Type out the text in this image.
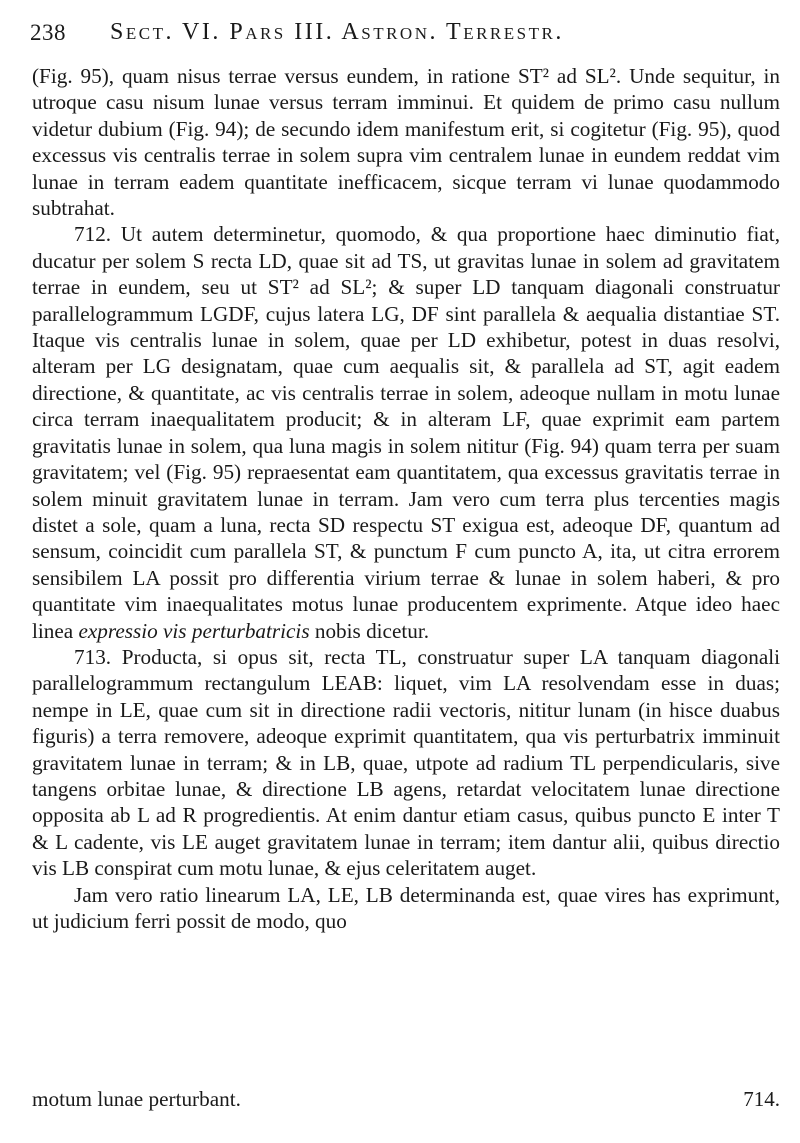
238 Sect. VI. Pars III. Astron. Terrestr.

(Fig. 95), quam nisus terrae versus eundem, in ratione ST² ad SL². Unde sequitur, in utroque casu nisum lunae versus terram imminui. Et quidem de primo casu nullum videtur dubium (Fig. 94); de secundo idem manifestum erit, si cogitetur (Fig. 95), quod excessus vis centralis terrae in solem supra vim centralem lunae in eundem reddat vim lunae in terram eadem quantitate inefficacem, sicque terram vi lunae quodammodo subtrahat.

712. Ut autem determinetur, quomodo, & qua proportione haec diminutio fiat, ducatur per solem S recta LD, quae sit ad TS, ut gravitas lunae in solem ad gravitatem terrae in eundem, seu ut ST² ad SL²; & super LD tanquam diagonali construatur parallelogrammum LGDF, cujus latera LG, DF sint parallela & aequalia distantiae ST. Itaque vis centralis lunae in solem, quae per LD exhibetur, potest in duas resolvi, alteram per LG designatam, quae cum aequalis sit, & parallela ad ST, agit eadem directione, & quantitate, ac vis centralis terrae in solem, adeoque nullam in motu lunae circa terram inaequalitatem producit; & in alteram LF, quae exprimit eam partem gravitatis lunae in solem, qua luna magis in solem nititur (Fig. 94) quam terra per suam gravitatem; vel (Fig. 95) repraesentat eam quantitatem, qua excessus gravitatis terrae in solem minuit gravitatem lunae in terram. Jam vero cum terra plus tercenties magis distet a sole, quam a luna, recta SD respectu ST exigua est, adeoque DF, quantum ad sensum, coincidit cum parallela ST, & punctum F cum puncto A, ita, ut citra errorem sensibilem LA possit pro differentia virium terrae & lunae in solem haberi, & pro quantitate vim inaequalitates motus lunae producentem exprimente. Atque ideo haec linea expressio vis perturbatricis nobis dicetur.

713. Producta, si opus sit, recta TL, construatur super LA tanquam diagonali parallelogrammum rectangulum LEAB: liquet, vim LA resolvendam esse in duas; nempe in LE, quae cum sit in directione radii vectoris, nititur lunam (in hisce duabus figuris) a terra removere, adeoque exprimit quantitatem, qua vis perturbatrix imminuit gravitatem lunae in terram; & in LB, quae, utpote ad radium TL perpendicularis, sive tangens orbitae lunae, & directione LB agens, retardat velocitatem lunae directione opposita ab L ad R progredientis. At enim dantur etiam casus, quibus puncto E inter T & L cadente, vis LE auget gravitatem lunae in terram; item dantur alii, quibus directio vis LB conspirat cum motu lunae, & ejus celeritatem auget.

Jam vero ratio linearum LA, LE, LB determinanda est, quae vires has exprimunt, ut judicium ferri possit de modo, quo

motum lunae perturbant.	714.
